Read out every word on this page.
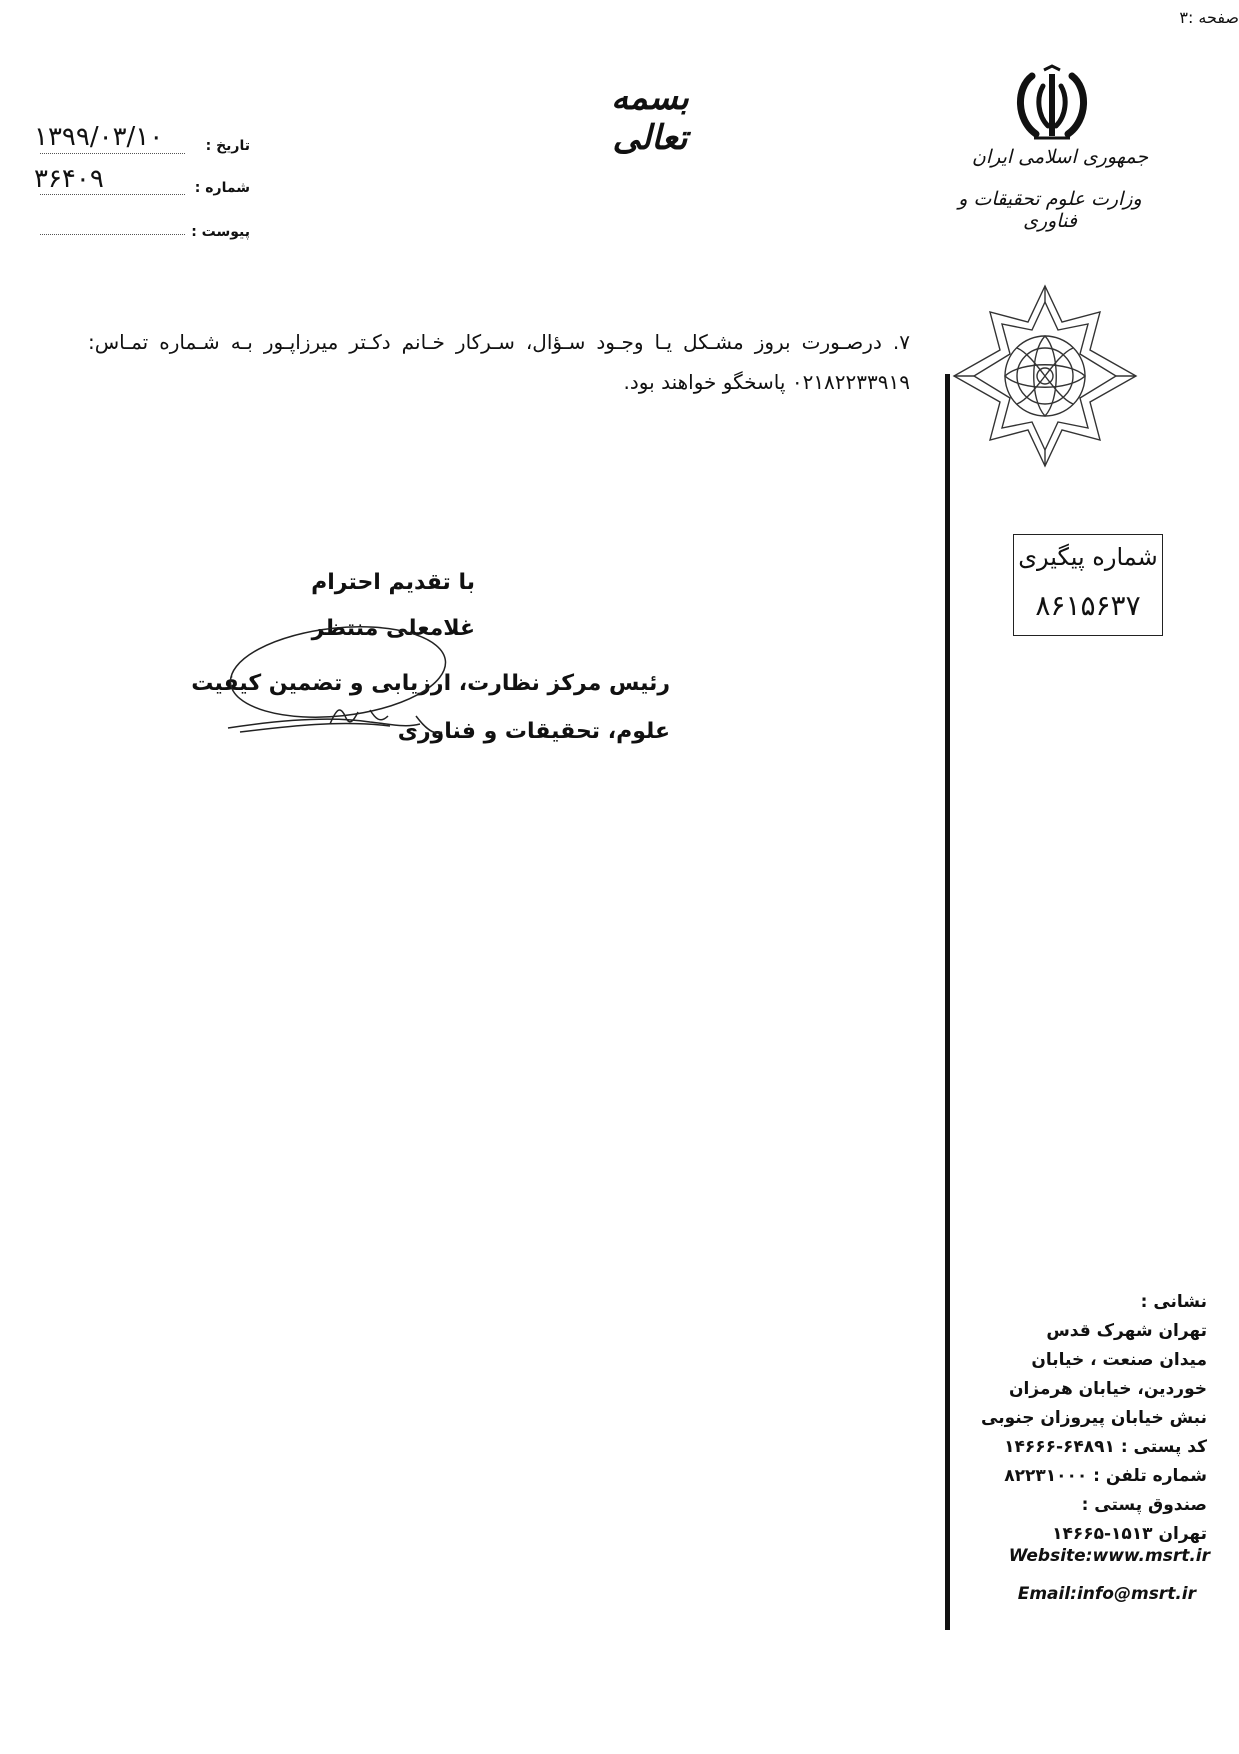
صفحه :۳
بسمه تعالی	جمهوری اسلامی ایران
وزارت علوم تحقیقات و فناوری
تاریخ :
۱۳۹۹/۰۳/۱۰
شماره :
۳۶۴۰۹
پیوست :
شماره پیگیری
۸۶۱۵۶۳۷
۷. درصـورت بروز مشـکل یـا وجـود سـؤال، سـرکار خـانم دکـتر میرزاپـور بـه شـماره تمـاس: ۰۲۱۸۲۲۳۳۹۱۹ پاسخگو خواهند بود.
با تقدیم احترام
غلامعلی منتظر
رئیس مرکز نظارت، ارزیابی و تضمین کیفیت علوم، تحقیقات و فناوری
نشانی :
تهران شهرک قدس
میدان صنعت ، خیابان
خوردین، خیابان هرمزان
نبش خیابان پیروزان جنوبی
کد پستی : ۶۴۸۹۱-۱۴۶۶۶
شماره تلفن : ۸۲۲۳۱۰۰۰
صندوق پستی :
تهران ۱۵۱۳-۱۴۶۶۵
Website:www.msrt.ir
Email:info@msrt.ir
